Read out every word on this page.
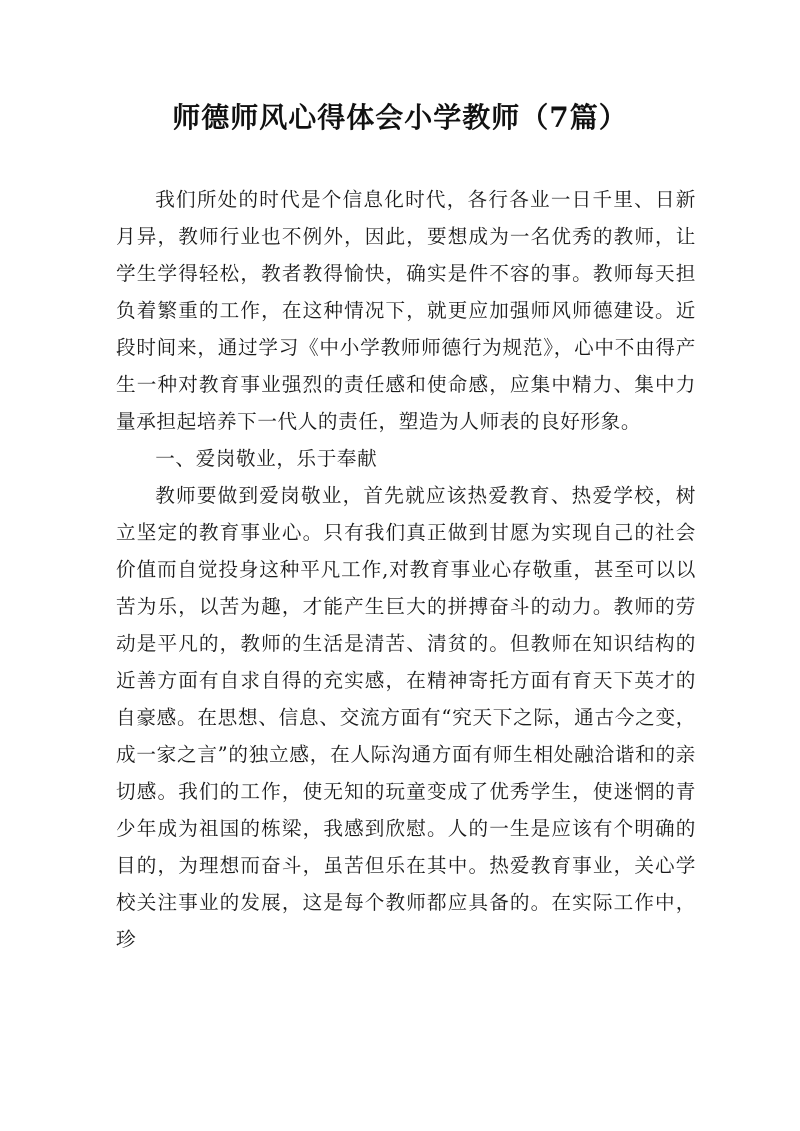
师德师风心得体会小学教师（7篇）

我们所处的时代是个信息化时代，各行各业一日千里、日新月异，教师行业也不例外，因此，要想成为一名优秀的教师，让学生学得轻松，教者教得愉快，确实是件不容的事。教师每天担负着繁重的工作，在这种情况下，就更应加强师风师德建设。近段时间来，通过学习《中小学教师师德行为规范》，心中不由得产生一种对教育事业强烈的责任感和使命感，应集中精力、集中力量承担起培养下一代人的责任，塑造为人师表的良好形象。

一、爱岗敬业，乐于奉献

教师要做到爱岗敬业，首先就应该热爱教育、热爱学校，树立坚定的教育事业心。只有我们真正做到甘愿为实现自己的社会价值而自觉投身这种平凡工作,对教育事业心存敬重，甚至可以以苦为乐，以苦为趣，才能产生巨大的拼搏奋斗的动力。教师的劳动是平凡的，教师的生活是清苦、清贫的。但教师在知识结构的近善方面有自求自得的充实感，在精神寄托方面有育天下英才的自豪感。在思想、信息、交流方面有“究天下之际，通古今之变，成一家之言”的独立感，在人际沟通方面有师生相处融洽谐和的亲切感。我们的工作，使无知的玩童变成了优秀学生，使迷惘的青少年成为祖国的栋梁，我感到欣慰。人的一生是应该有个明确的目的，为理想而奋斗，虽苦但乐在其中。热爱教育事业，关心学校关注事业的发展，这是每个教师都应具备的。在实际工作中，珍
